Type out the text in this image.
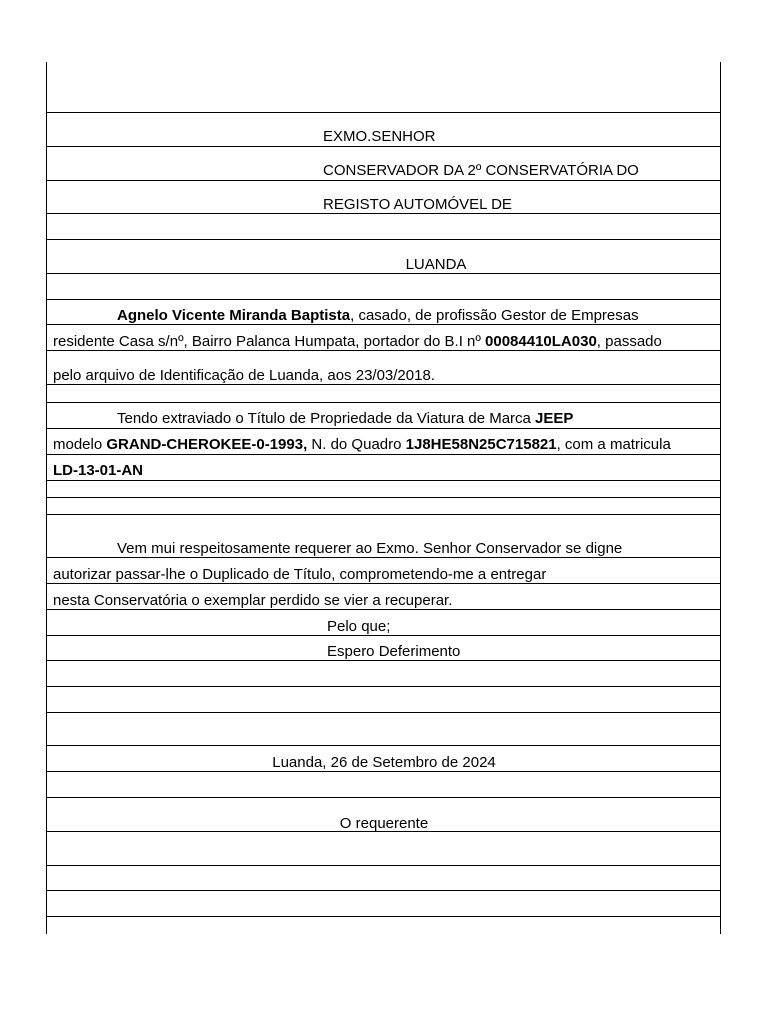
EXMO.SENHOR
CONSERVADOR DA 2º CONSERVATÓRIA DO
REGISTO AUTOMÓVEL DE
LUANDA
Agnelo Vicente Miranda Baptista, casado, de profissão Gestor de Empresas
residente Casa s/nº, Bairro Palanca Humpata, portador do B.I nº 00084410LA030, passado
pelo arquivo de Identificação de Luanda, aos 23/03/2018.
Tendo extraviado o Título de Propriedade da Viatura de Marca JEEP
modelo GRAND-CHEROKEE-0-1993, N. do Quadro 1J8HE58N25C715821, com a matricula
LD-13-01-AN
Vem mui respeitosamente requerer ao Exmo. Senhor Conservador se digne
autorizar passar-lhe o Duplicado de Título, comprometendo-me a entregar
nesta Conservatória o exemplar perdido se vier a recuperar.
Pelo que;
Espero Deferimento
Luanda, 26 de Setembro de 2024
O requerente
